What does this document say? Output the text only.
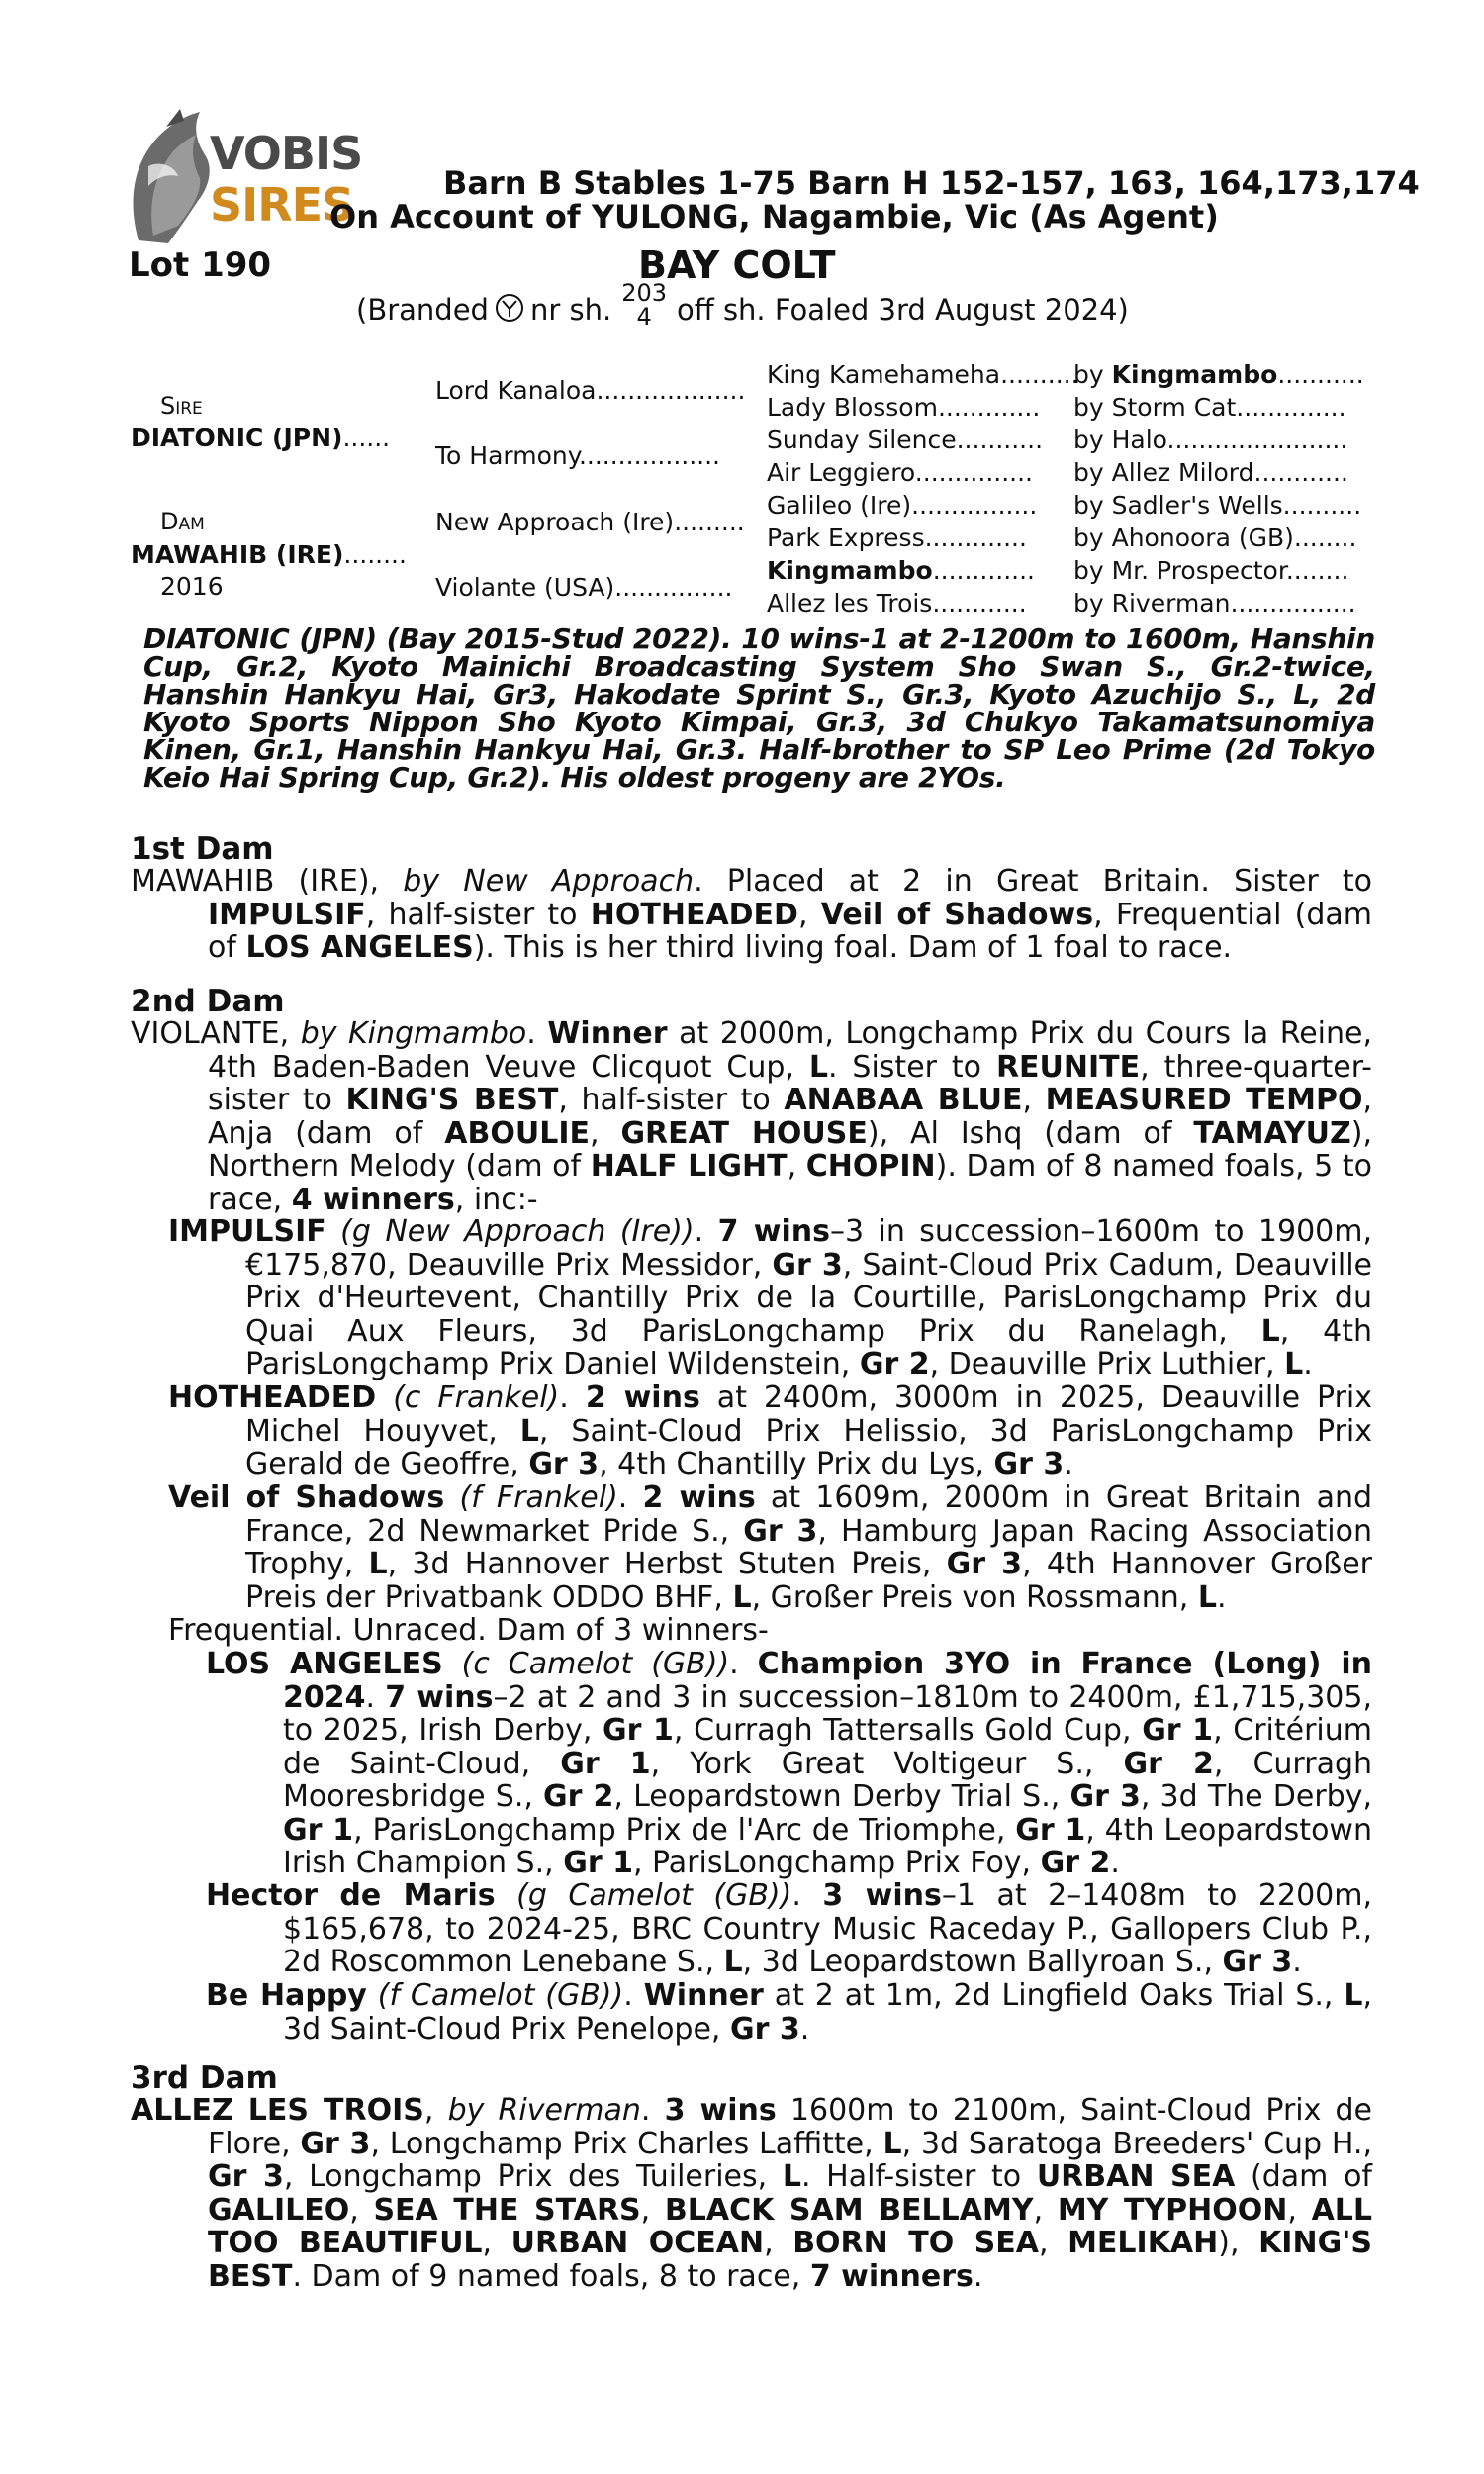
VOBIS
SIRES	Barn B Stables 1-75 Barn H 152-157, 163, 164,173,174
On Account of YULONG, Nagambie, Vic (As Agent)
Lot 190	BAY COLT
(Branded nr sh. 203
4 off sh. Foaled 3rd August 2024)
Sire
DIATONIC (JPN)......
Dam
MAWAHIB (IRE)........
2016
Lord Kanaloa...................
To Harmony..................
New Approach (Ire).........
Violante (USA)...............
King Kamehameha..........
by Kingmambo...........
Lady Blossom............. by Storm Cat..............
Sunday Silence........... by Halo.......................
Air Leggiero............... by Allez Milord............
Galileo (Ire)................ by Sadler's Wells..........
Park Express............. by Ahonoora (GB)........
Kingmambo............. by Mr. Prospector........
Allez les Trois............ by Riverman................
DIATONIC (JPN) (Bay 2015-Stud 2022). 10 wins-1 at 2-1200m to 1600m, Hanshin Cup, Gr.2, Kyoto Mainichi Broadcasting System Sho Swan S., Gr.2-twice, Hanshin Hankyu Hai, Gr3, Hakodate Sprint S., Gr.3, Kyoto Azuchijo S., L, 2d Kyoto Sports Nippon Sho Kyoto Kimpai, Gr.3, 3d Chukyo Takamatsunomiya Kinen, Gr.1, Hanshin Hankyu Hai, Gr.3. Half-brother to SP Leo Prime (2d Tokyo Keio Hai Spring Cup, Gr.2). His oldest progeny are 2YOs.
1st Dam
MAWAHIB (IRE), by New Approach. Placed at 2 in Great Britain. Sister to IMPULSIF, half-sister to HOTHEADED, Veil of Shadows, Frequential (dam of LOS ANGELES). This is her third living foal. Dam of 1 foal to race.
2nd Dam
VIOLANTE, by Kingmambo. Winner at 2000m, Longchamp Prix du Cours la Reine, 4th Baden-Baden Veuve Clicquot Cup, L. Sister to REUNITE, three-quarter-sister to KING'S BEST, half-sister to ANABAA BLUE, MEASURED TEMPO, Anja (dam of ABOULIE, GREAT HOUSE), Al Ishq (dam of TAMAYUZ), Northern Melody (dam of HALF LIGHT, CHOPIN). Dam of 8 named foals, 5 to race, 4 winners, inc:-
IMPULSIF (g New Approach (Ire)). 7 wins–3 in succession–1600m to 1900m, €175,870, Deauville Prix Messidor, Gr 3, Saint-Cloud Prix Cadum, Deauville Prix d'Heurtevent, Chantilly Prix de la Courtille, ParisLongchamp Prix du Quai Aux Fleurs, 3d ParisLongchamp Prix du Ranelagh, L, 4th ParisLongchamp Prix Daniel Wildenstein, Gr 2, Deauville Prix Luthier, L.
HOTHEADED (c Frankel). 2 wins at 2400m, 3000m in 2025, Deauville Prix Michel Houyvet, L, Saint-Cloud Prix Helissio, 3d ParisLongchamp Prix Gerald de Geoffre, Gr 3, 4th Chantilly Prix du Lys, Gr 3.
Veil of Shadows (f Frankel). 2 wins at 1609m, 2000m in Great Britain and France, 2d Newmarket Pride S., Gr 3, Hamburg Japan Racing Association Trophy, L, 3d Hannover Herbst Stuten Preis, Gr 3, 4th Hannover Großer Preis der Privatbank ODDO BHF, L, Großer Preis von Rossmann, L.
Frequential. Unraced. Dam of 3 winners-
LOS ANGELES (c Camelot (GB)). Champion 3YO in France (Long) in 2024. 7 wins–2 at 2 and 3 in succession–1810m to 2400m, £1,715,305, to 2025, Irish Derby, Gr 1, Curragh Tattersalls Gold Cup, Gr 1, Critérium de Saint-Cloud, Gr 1, York Great Voltigeur S., Gr 2, Curragh Mooresbridge S., Gr 2, Leopardstown Derby Trial S., Gr 3, 3d The Derby, Gr 1, ParisLongchamp Prix de l'Arc de Triomphe, Gr 1, 4th Leopardstown Irish Champion S., Gr 1, ParisLongchamp Prix Foy, Gr 2.
Hector de Maris (g Camelot (GB)). 3 wins–1 at 2–1408m to 2200m, $165,678, to 2024-25, BRC Country Music Raceday P., Gallopers Club P., 2d Roscommon Lenebane S., L, 3d Leopardstown Ballyroan S., Gr 3.
Be Happy (f Camelot (GB)). Winner at 2 at 1m, 2d Lingfield Oaks Trial S., L, 3d Saint-Cloud Prix Penelope, Gr 3.
3rd Dam
ALLEZ LES TROIS, by Riverman. 3 wins 1600m to 2100m, Saint-Cloud Prix de Flore, Gr 3, Longchamp Prix Charles Laffitte, L, 3d Saratoga Breeders' Cup H., Gr 3, Longchamp Prix des Tuileries, L. Half-sister to URBAN SEA (dam of GALILEO, SEA THE STARS, BLACK SAM BELLAMY, MY TYPHOON, ALL TOO BEAUTIFUL, URBAN OCEAN, BORN TO SEA, MELIKAH), KING'S BEST. Dam of 9 named foals, 8 to race, 7 winners.
